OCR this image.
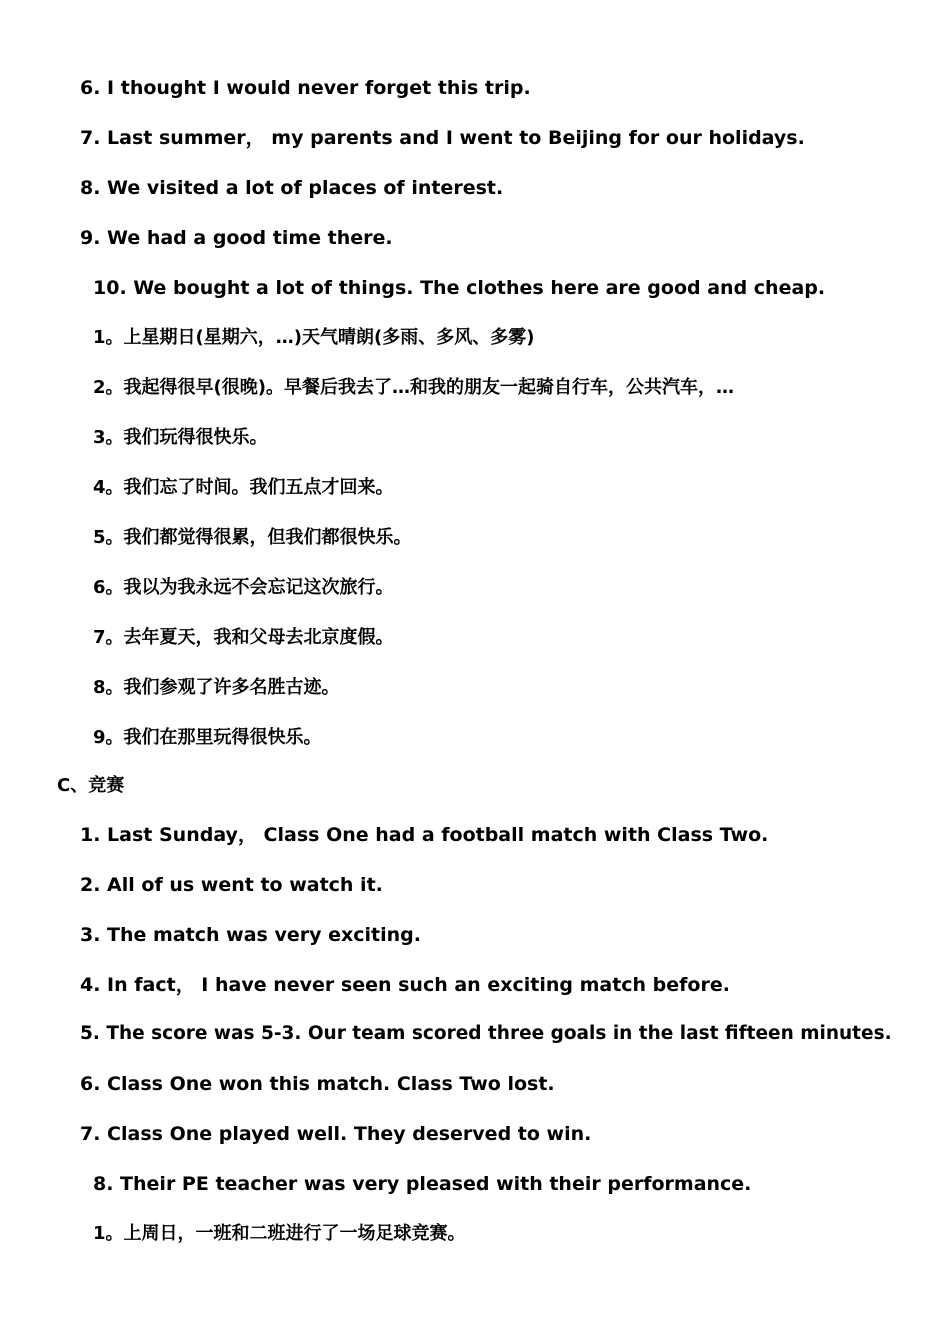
6. I thought I would never forget this trip.
7. Last summer， my parents and I went to Beijing for our holidays.
8. We visited a lot of places of interest.
9. We had a good time there.
10. We bought a lot of things. The clothes here are good and cheap.
1。上星期日(星期六，…)天气晴朗(多雨、多风、多雾)
2。我起得很早(很晚)。早餐后我去了…和我的朋友一起骑自行车，公共汽车，…
3。我们玩得很快乐。
4。我们忘了时间。我们五点才回来。
5。我们都觉得很累，但我们都很快乐。
6。我以为我永远不会忘记这次旅行。
7。去年夏天，我和父母去北京度假。
8。我们参观了许多名胜古迹。
9。我们在那里玩得很快乐。
C、竞赛
1. Last Sunday， Class One had a football match with Class Two.
2. All of us went to watch it.
3. The match was very exciting.
4. In fact， I have never seen such an exciting match before.
5. The score was 5-3. Our team scored three goals in the last fifteen minutes.
6. Class One won this match. Class Two lost.
7. Class One played well. They deserved to win.
8. Their PE teacher was very pleased with their performance.
1。上周日，一班和二班进行了一场足球竞赛。
